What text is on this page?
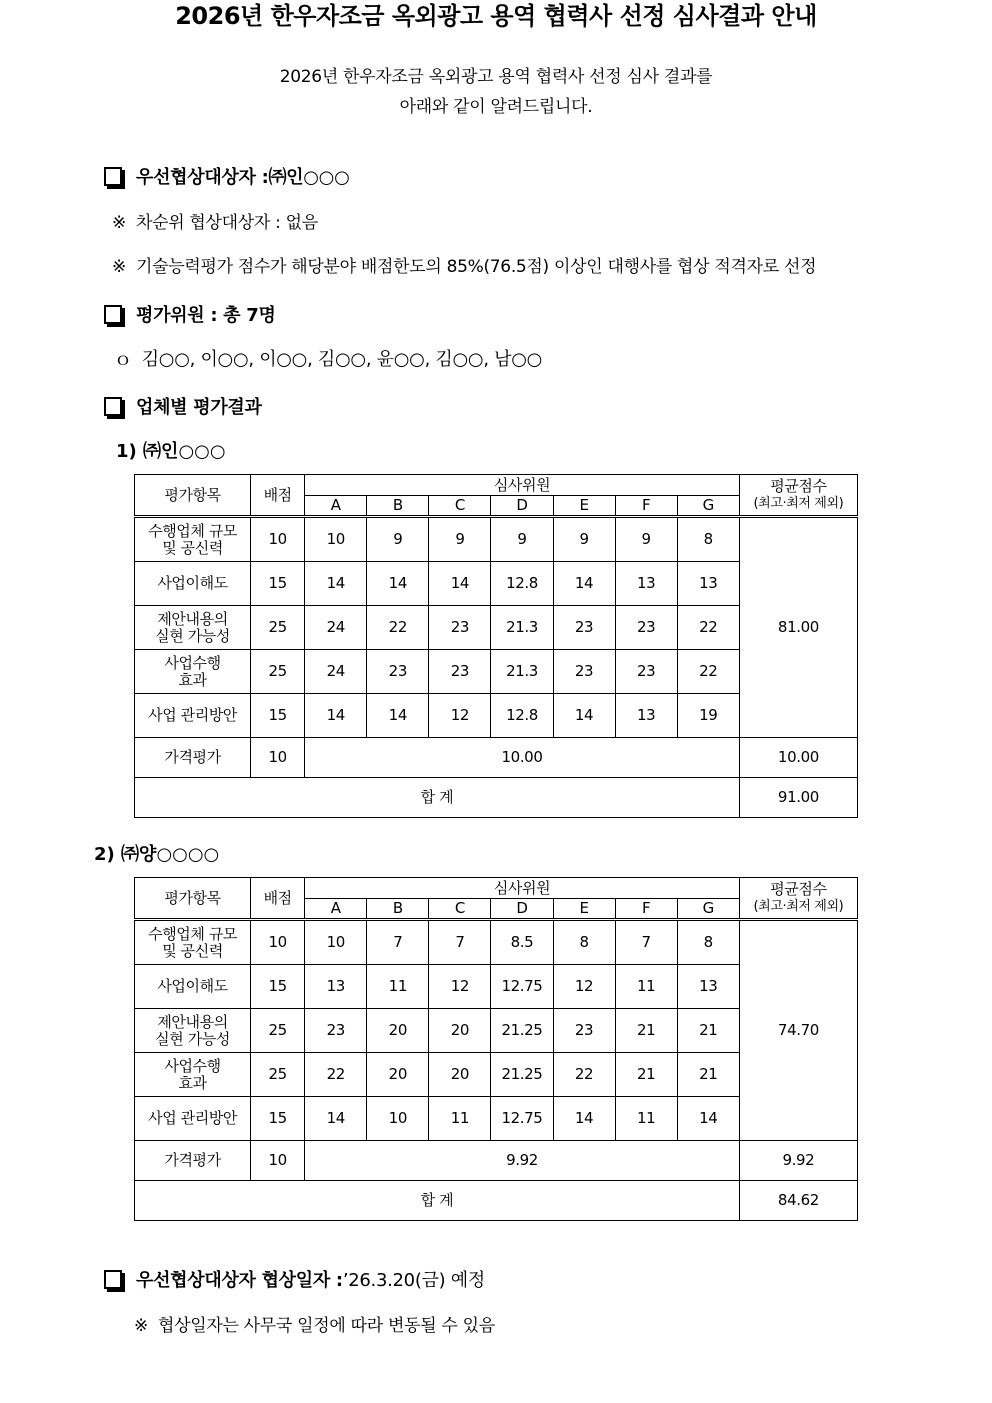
2026년 한우자조금 옥외광고 용역 협력사 선정 심사결과 안내
2026년 한우자조금 옥외광고 용역 협력사 선정 심사 결과를
아래와 같이 알려드립니다.
우선협상대상자 : ㈜인○○○
※ 차순위 협상대상자 : 없음
※ 기술능력평가 점수가 해당분야 배점한도의 85%(76.5점) 이상인 대행사를 협상 적격자로 선정
평가위원 : 총 7명
ｏ 김○○, 이○○, 이○○, 김○○, 윤○○, 김○○, 남○○
업체별 평가결과
1) ㈜인○○○
평가항목	배점	심사위원							평균점수
(최고·최저 제외)

		A	B	C	D	E	F	G	

수행업체 규모
및 공신력	10	10	9	9	9	9	9	8	81.00

사업이해도	15	14	14	14	12.8	14	13	13	

제안내용의
실현 가능성	25	24	22	23	21.3	23	23	22	

사업수행
효과	25	24	23	23	21.3	23	23	22	

사업 관리방안	15	14	14	12	12.8	14	13	19	
가격평가	10	10.00							10.00
합 계									91.00
2) ㈜양○○○○
평가항목	배점	심사위원							평균점수
(최고·최저 제외)

		A	B	C	D	E	F	G	

수행업체 규모
및 공신력	10	10	7	7	8.5	8	7	8	74.70

사업이해도	15	13	11	12	12.75	12	11	13	

제안내용의
실현 가능성	25	23	20	20	21.25	23	21	21	

사업수행
효과	25	22	20	20	21.25	22	21	21	

사업 관리방안	15	14	10	11	12.75	14	11	14	
가격평가	10	9.92							9.92
합 계									84.62
우선협상대상자 협상일자 : ’26.3.20(금) 예정
※ 협상일자는 사무국 일정에 따라 변동될 수 있음
